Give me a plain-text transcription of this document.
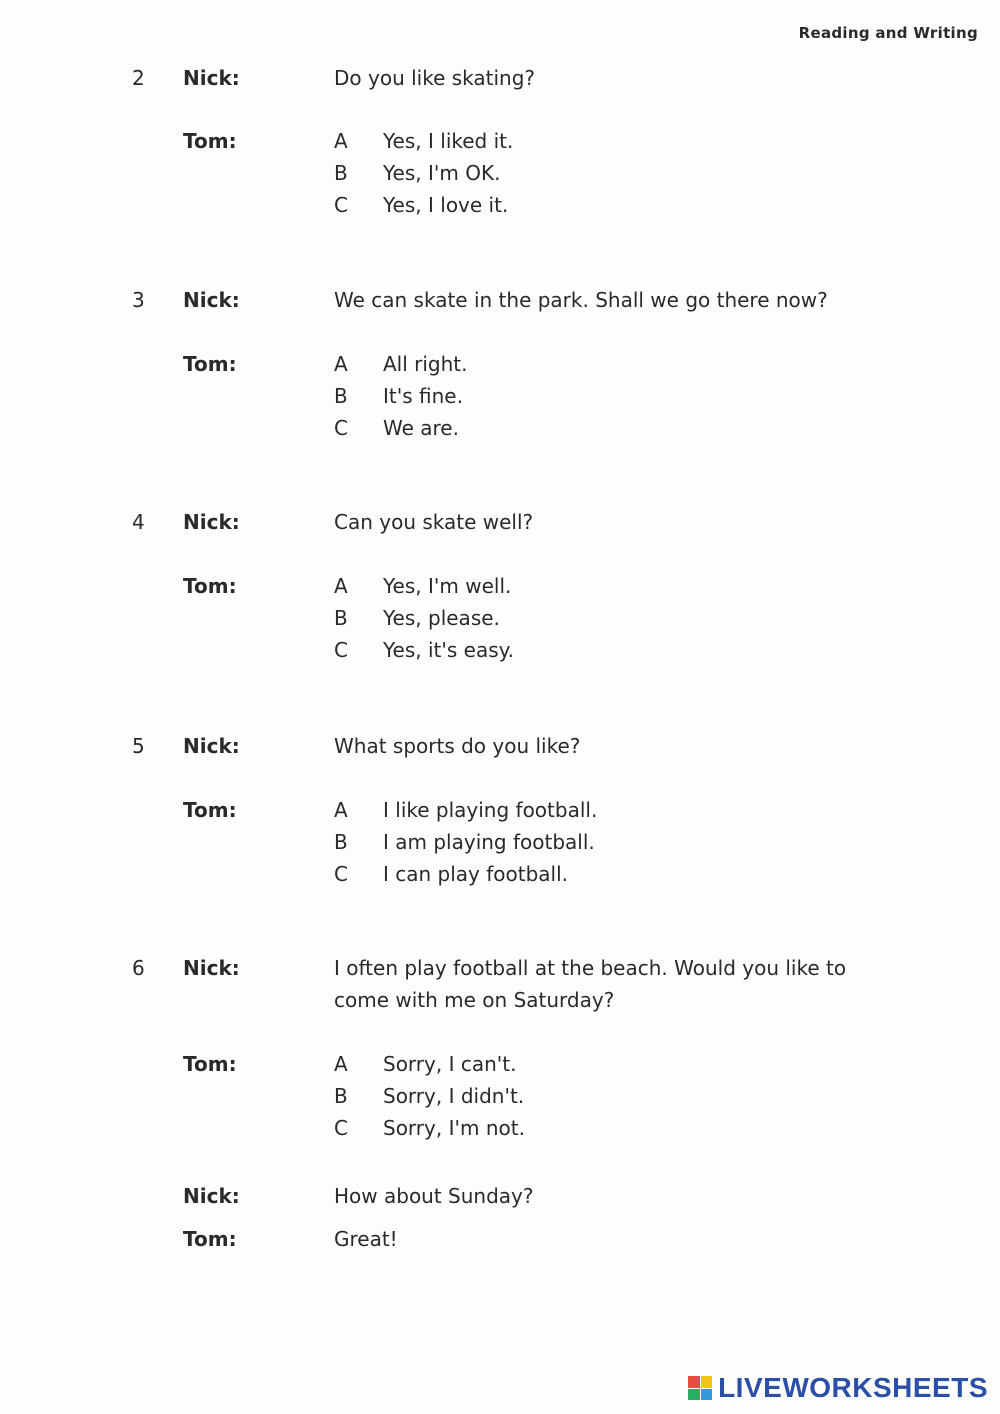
Reading and Writing
2 Nick:	Do you like skating?
Tom:	A Yes, I liked it.
B Yes, I'm OK.
C Yes, I love it.
3 Nick:	We can skate in the park. Shall we go there now?
Tom:	A All right.
B It's fine.
C We are.
4 Nick:	Can you skate well?
Tom:	A Yes, I'm well.
B Yes, please.
C Yes, it's easy.
5 Nick:	What sports do you like?
Tom:	A I like playing football.
B I am playing football.
C I can play football.
6 Nick:	I often play football at the beach. Would you like to
come with me on Saturday?
Tom:	A Sorry, I can't.
B Sorry, I didn't.
C Sorry, I'm not.
Nick:	How about Sunday?
Tom:	Great!
LIVEWORKSHEETS
